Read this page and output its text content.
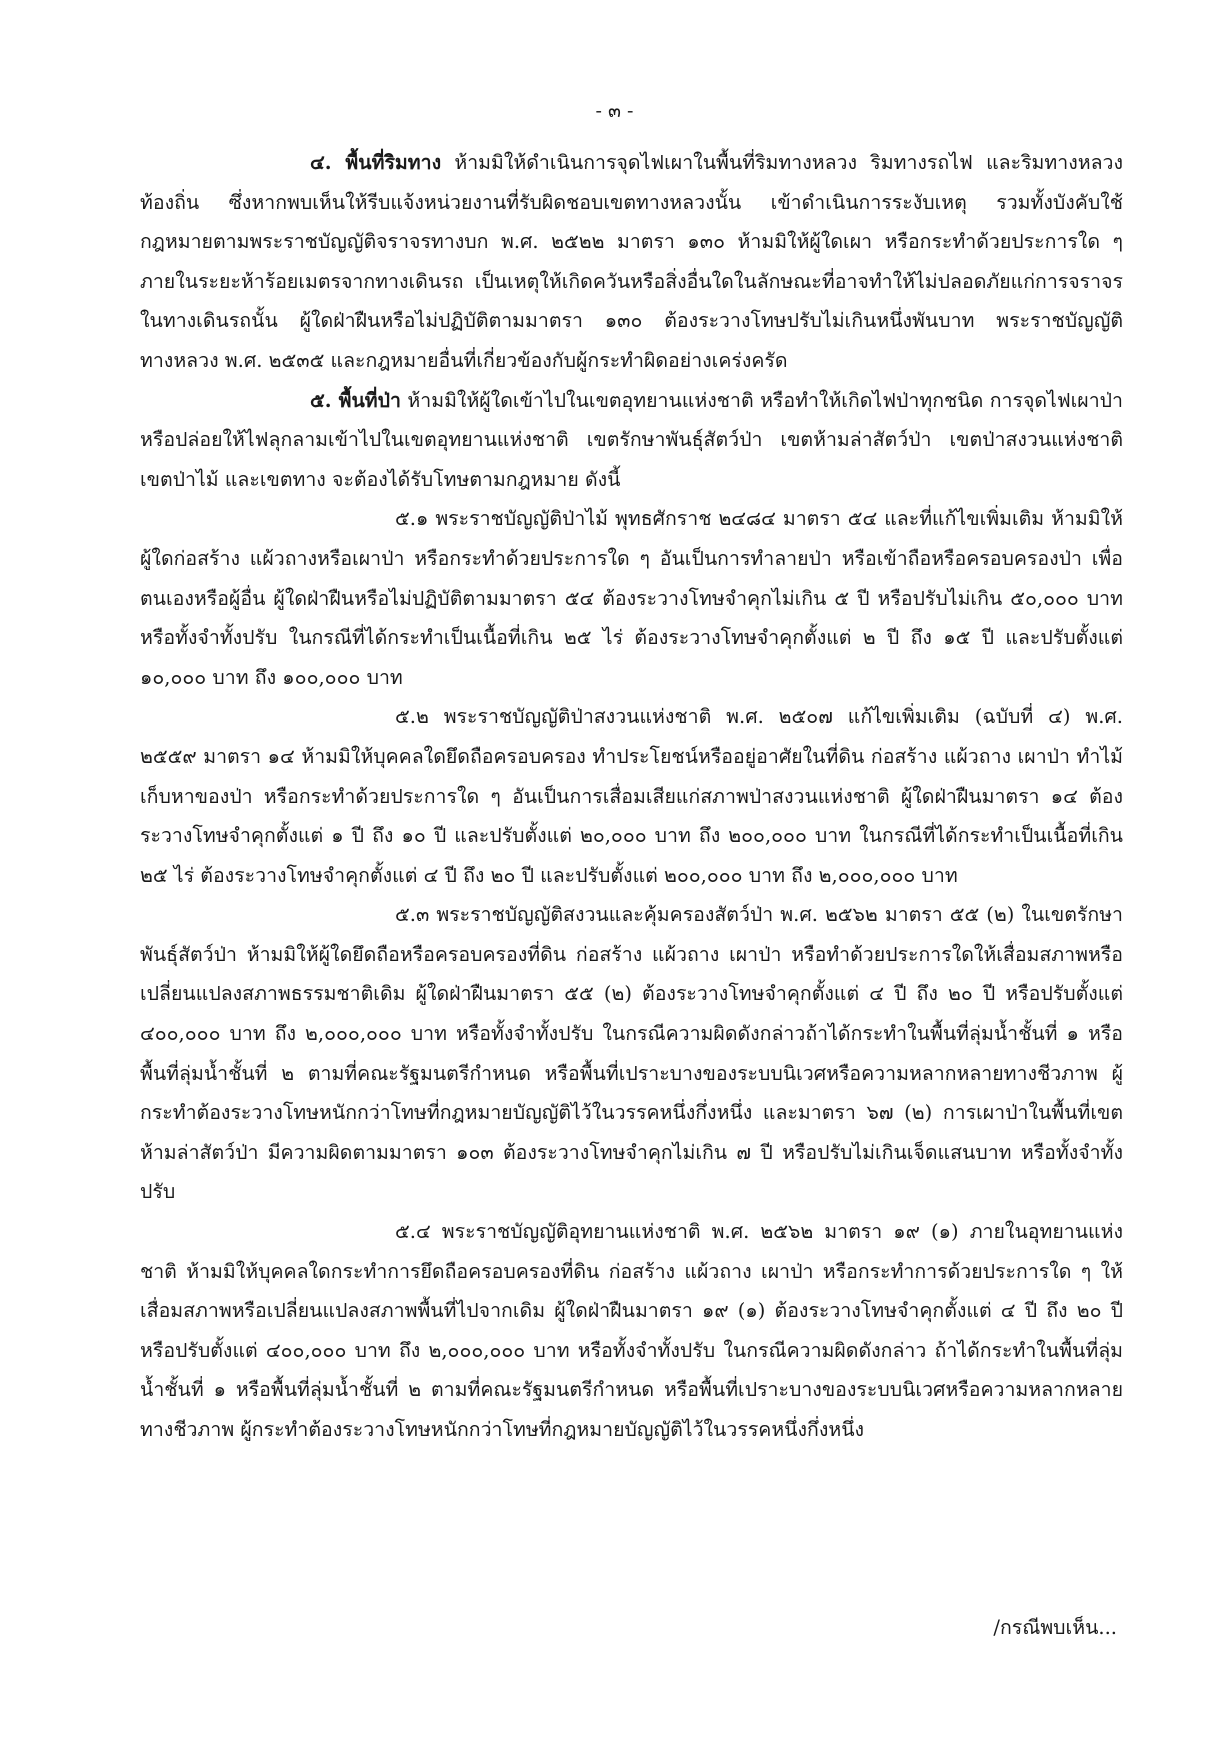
- ๓ -

๔. พื้นที่ริมทาง ห้ามมิให้ดำเนินการจุดไฟเผาในพื้นที่ริมทางหลวง ริมทางรถไฟ และริมทางหลวงท้องถิ่น ซึ่งหากพบเห็นให้รีบแจ้งหน่วยงานที่รับผิดชอบเขตทางหลวงนั้น เข้าดำเนินการระงับเหตุ รวมทั้งบังคับใช้กฎหมายตามพระราชบัญญัติจราจรทางบก พ.ศ. ๒๕๒๒ มาตรา ๑๓๐ ห้ามมิให้ผู้ใดเผา หรือกระทำด้วยประการใด ๆ ภายในระยะห้าร้อยเมตรจากทางเดินรถ เป็นเหตุให้เกิดควันหรือสิ่งอื่นใดในลักษณะที่อาจทำให้ไม่ปลอดภัยแก่การจราจรในทางเดินรถนั้น ผู้ใดฝ่าฝืนหรือไม่ปฏิบัติตามมาตรา ๑๓๐ ต้องระวางโทษปรับไม่เกินหนึ่งพันบาท พระราชบัญญัติทางหลวง พ.ศ. ๒๕๓๕ และกฎหมายอื่นที่เกี่ยวข้องกับผู้กระทำผิดอย่างเคร่งครัด

๕. พื้นที่ป่า ห้ามมิให้ผู้ใดเข้าไปในเขตอุทยานแห่งชาติ หรือทำให้เกิดไฟป่าทุกชนิด การจุดไฟเผาป่า หรือปล่อยให้ไฟลุกลามเข้าไปในเขตอุทยานแห่งชาติ เขตรักษาพันธุ์สัตว์ป่า เขตห้ามล่าสัตว์ป่า เขตป่าสงวนแห่งชาติ เขตป่าไม้ และเขตทาง จะต้องได้รับโทษตามกฎหมาย ดังนี้

๕.๑ พระราชบัญญัติป่าไม้ พุทธศักราช ๒๔๘๔ มาตรา ๕๔ และที่แก้ไขเพิ่มเติม ห้ามมิให้ผู้ใดก่อสร้าง แผ้วถางหรือเผาป่า หรือกระทำด้วยประการใด ๆ อันเป็นการทำลายป่า หรือเข้าถือหรือครอบครองป่า เพื่อตนเองหรือผู้อื่น ผู้ใดฝ่าฝืนหรือไม่ปฏิบัติตามมาตรา ๕๔ ต้องระวางโทษจำคุกไม่เกิน ๕ ปี หรือปรับไม่เกิน ๕๐,๐๐๐ บาท หรือทั้งจำทั้งปรับ ในกรณีที่ได้กระทำเป็นเนื้อที่เกิน ๒๕ ไร่ ต้องระวางโทษจำคุกตั้งแต่ ๒ ปี ถึง ๑๕ ปี และปรับตั้งแต่ ๑๐,๐๐๐ บาท ถึง ๑๐๐,๐๐๐ บาท

๕.๒ พระราชบัญญัติป่าสงวนแห่งชาติ พ.ศ. ๒๕๐๗ แก้ไขเพิ่มเติม (ฉบับที่ ๔) พ.ศ. ๒๕๕๙ มาตรา ๑๔ ห้ามมิให้บุคคลใดยึดถือครอบครอง ทำประโยชน์หรืออยู่อาศัยในที่ดิน ก่อสร้าง แผ้วถาง เผาป่า ทำไม้ เก็บหาของป่า หรือกระทำด้วยประการใด ๆ อันเป็นการเสื่อมเสียแก่สภาพป่าสงวนแห่งชาติ ผู้ใดฝ่าฝืนมาตรา ๑๔ ต้องระวางโทษจำคุกตั้งแต่ ๑ ปี ถึง ๑๐ ปี และปรับตั้งแต่ ๒๐,๐๐๐ บาท ถึง ๒๐๐,๐๐๐ บาท ในกรณีที่ได้กระทำเป็นเนื้อที่เกิน ๒๕ ไร่ ต้องระวางโทษจำคุกตั้งแต่ ๔ ปี ถึง ๒๐ ปี และปรับตั้งแต่ ๒๐๐,๐๐๐ บาท ถึง ๒,๐๐๐,๐๐๐ บาท

๕.๓ พระราชบัญญัติสงวนและคุ้มครองสัตว์ป่า พ.ศ. ๒๕๖๒ มาตรา ๕๕ (๒) ในเขตรักษาพันธุ์สัตว์ป่า ห้ามมิให้ผู้ใดยึดถือหรือครอบครองที่ดิน ก่อสร้าง แผ้วถาง เผาป่า หรือทำด้วยประการใดให้เสื่อมสภาพหรือเปลี่ยนแปลงสภาพธรรมชาติเดิม ผู้ใดฝ่าฝืนมาตรา ๕๕ (๒) ต้องระวางโทษจำคุกตั้งแต่ ๔ ปี ถึง ๒๐ ปี หรือปรับตั้งแต่ ๔๐๐,๐๐๐ บาท ถึง ๒,๐๐๐,๐๐๐ บาท หรือทั้งจำทั้งปรับ ในกรณีความผิดดังกล่าวถ้าได้กระทำในพื้นที่ลุ่มน้ำชั้นที่ ๑ หรือพื้นที่ลุ่มน้ำชั้นที่ ๒ ตามที่คณะรัฐมนตรีกำหนด หรือพื้นที่เปราะบางของระบบนิเวศหรือความหลากหลายทางชีวภาพ ผู้กระทำต้องระวางโทษหนักกว่าโทษที่กฎหมายบัญญัติไว้ในวรรคหนึ่งกึ่งหนึ่ง และมาตรา ๖๗ (๒) การเผาป่าในพื้นที่เขตห้ามล่าสัตว์ป่า มีความผิดตามมาตรา ๑๐๓ ต้องระวางโทษจำคุกไม่เกิน ๗ ปี หรือปรับไม่เกินเจ็ดแสนบาท หรือทั้งจำทั้งปรับ

๕.๔ พระราชบัญญัติอุทยานแห่งชาติ พ.ศ. ๒๕๖๒ มาตรา ๑๙ (๑) ภายในอุทยานแห่งชาติ ห้ามมิให้บุคคลใดกระทำการยึดถือครอบครองที่ดิน ก่อสร้าง แผ้วถาง เผาป่า หรือกระทำการด้วยประการใด ๆ ให้เสื่อมสภาพหรือเปลี่ยนแปลงสภาพพื้นที่ไปจากเดิม ผู้ใดฝ่าฝืนมาตรา ๑๙ (๑) ต้องระวางโทษจำคุกตั้งแต่ ๔ ปี ถึง ๒๐ ปี หรือปรับตั้งแต่ ๔๐๐,๐๐๐ บาท ถึง ๒,๐๐๐,๐๐๐ บาท หรือทั้งจำทั้งปรับ ในกรณีความผิดดังกล่าว ถ้าได้กระทำในพื้นที่ลุ่มน้ำชั้นที่ ๑ หรือพื้นที่ลุ่มน้ำชั้นที่ ๒ ตามที่คณะรัฐมนตรีกำหนด หรือพื้นที่เปราะบางของระบบนิเวศหรือความหลากหลายทางชีวภาพ ผู้กระทำต้องระวางโทษหนักกว่าโทษที่กฎหมายบัญญัติไว้ในวรรคหนึ่งกึ่งหนึ่ง

/กรณีพบเห็น...
